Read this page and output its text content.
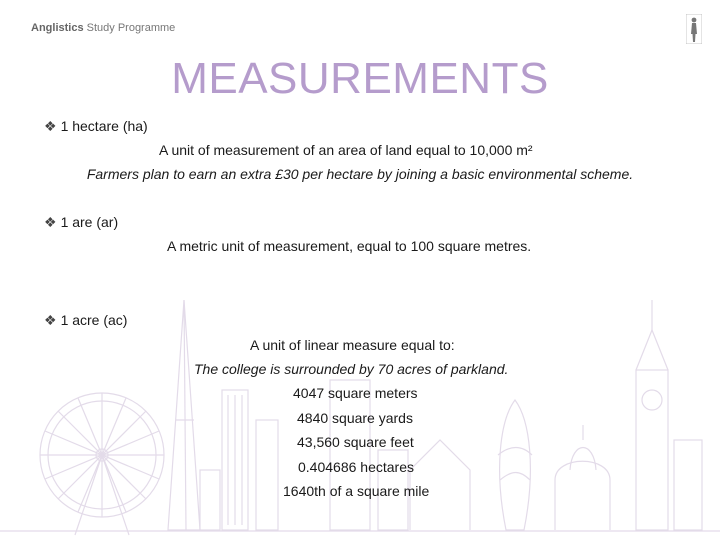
Anglistics Study Programme
MEASUREMENTS
❖ 1 hectare (ha)
A unit of measurement of an area of land equal to 10,000 m²
Farmers plan to earn an extra £30 per hectare by joining a basic environmental scheme.
❖ 1 are (ar)
A metric unit of measurement, equal to 100 square metres.
❖ 1 acre (ac)
A unit of linear measure equal to:
The college is surrounded by 70 acres of parkland.
4047 square meters
4840 square yards
43,560 square feet
0.404686 hectares
1640th of a square mile
